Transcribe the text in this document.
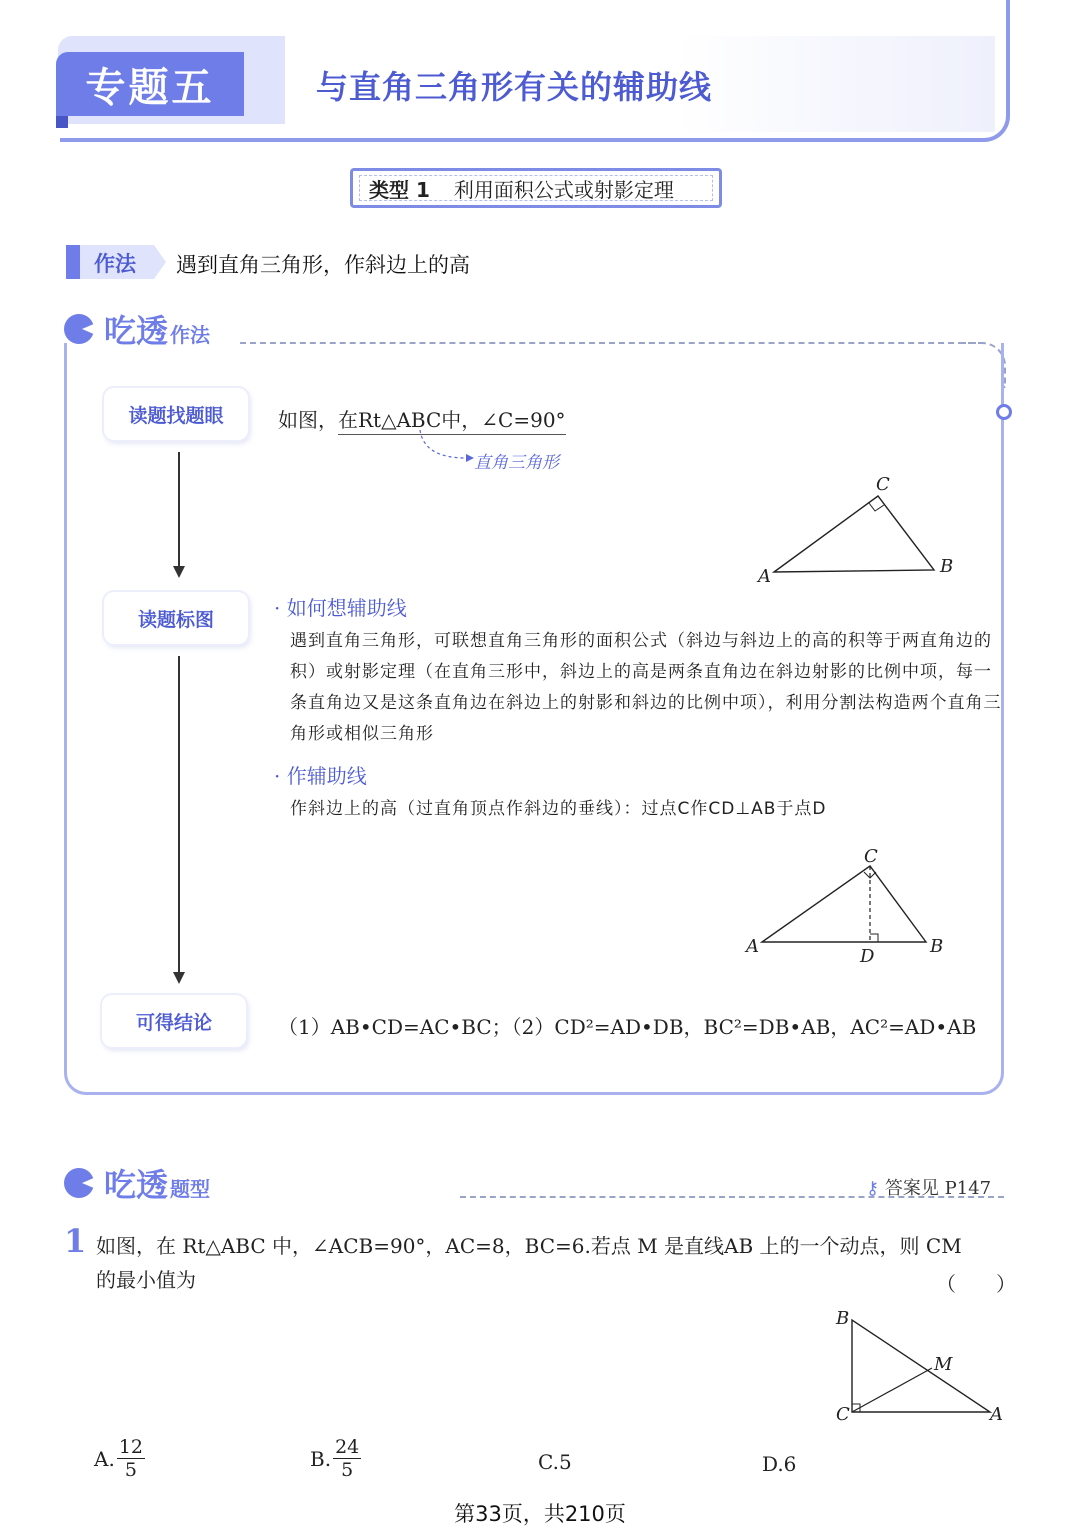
专题五	与直角三角形有关的辅助线
类型 1 利用面积公式或射影定理
作法 遇到直角三角形，作斜边上的高
吃透 作法
读题找题眼
读题标图
可得结论
如图，在Rt△ABC中，∠C=90°
直角三角形
A
C
B
· 如何想辅助线
遇到直角三角形，可联想直角三角形的面积公式（斜边与斜边上的高的积等于两直角边的积）或射影定理（在直角三形中，斜边上的高是两条直角边在斜边射影的比例中项，每一条直角边又是这条直角边在斜边上的射影和斜边的比例中项），利用分割法构造两个直角三角形或相似三角形
· 作辅助线
作斜边上的高（过直角顶点作斜边的垂线）：过点C作CD⊥AB于点D
A
C
B
D
（1）AB•CD=AC•BC；（2）CD²=AD•DB，BC²=DB•AB，AC²=AD•AB
吃透 题型	⚷ 答案见 P147
1 如图，在 Rt△ABC 中，∠ACB=90°，AC=8，BC=6.若点 M 是直线AB 上的一个动点，则 CM
的最小值为	（　　）
B
C	A
M
A. $\frac{12}{5}$	B. $\frac{24}{5}$	C.5	D.6
第33页，共210页
